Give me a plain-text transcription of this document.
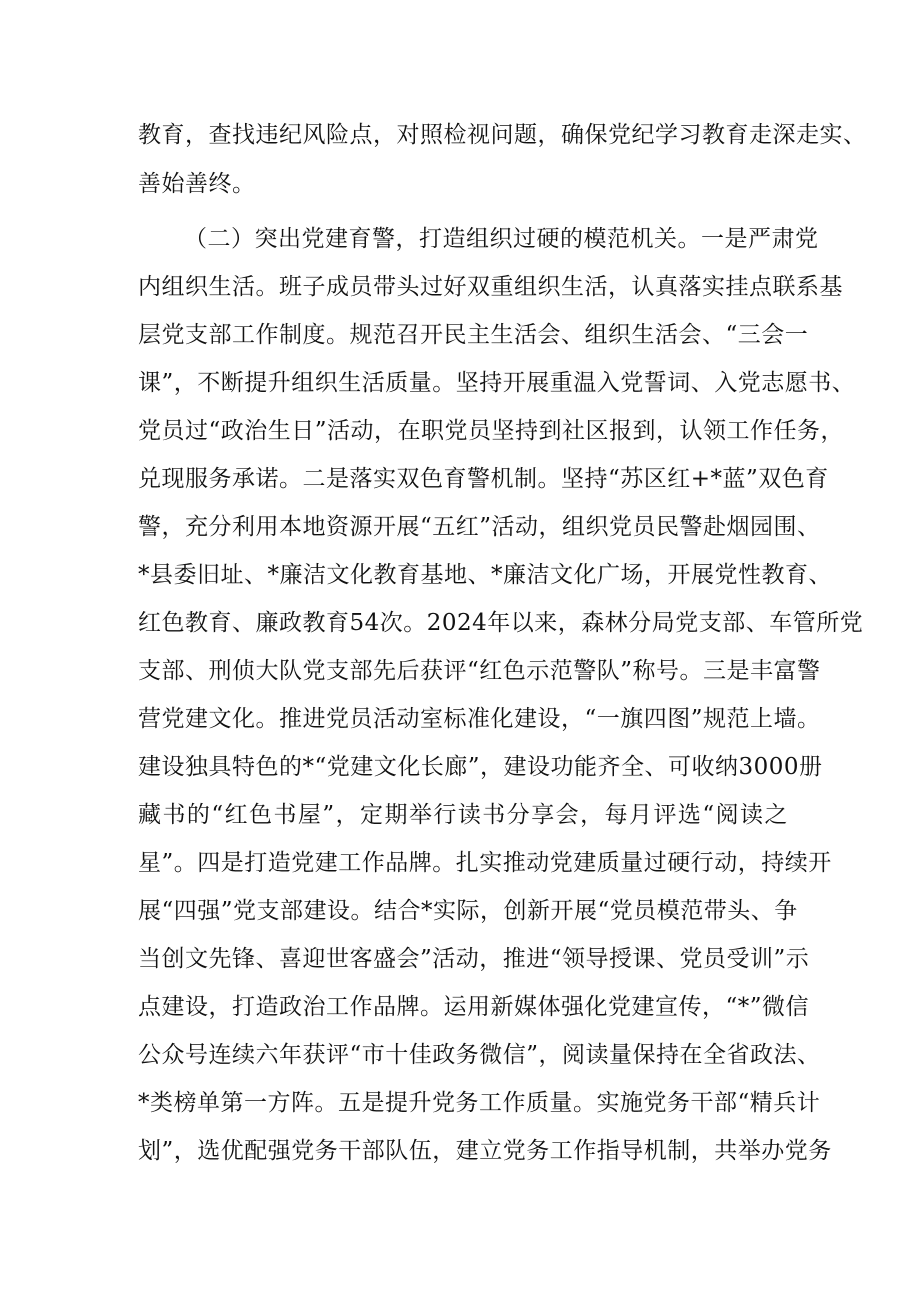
教育，查找违纪风险点，对照检视问题，确保党纪学习教育走深走实、
善始善终。
（二）突出党建育警，打造组织过硬的模范机关。一是严肃党
内组织生活。班子成员带头过好双重组织生活，认真落实挂点联系基
层党支部工作制度。规范召开民主生活会、组织生活会、“三会一
课”，不断提升组织生活质量。坚持开展重温入党誓词、入党志愿书、
党员过“政治生日”活动，在职党员坚持到社区报到，认领工作任务，
兑现服务承诺。二是落实双色育警机制。坚持“苏区红+*蓝”双色育
警，充分利用本地资源开展“五红”活动，组织党员民警赴烟园围、
*县委旧址、*廉洁文化教育基地、*廉洁文化广场，开展党性教育、
红色教育、廉政教育54次。2024年以来，森林分局党支部、车管所党
支部、刑侦大队党支部先后获评“红色示范警队”称号。三是丰富警
营党建文化。推进党员活动室标准化建设，“一旗四图”规范上墙。
建设独具特色的*“党建文化长廊”，建设功能齐全、可收纳3000册
藏书的“红色书屋”，定期举行读书分享会，每月评选“阅读之
星”。四是打造党建工作品牌。扎实推动党建质量过硬行动，持续开
展“四强”党支部建设。结合*实际，创新开展“党员模范带头、争
当创文先锋、喜迎世客盛会”活动，推进“领导授课、党员受训”示
点建设，打造政治工作品牌。运用新媒体强化党建宣传，“*”微信
公众号连续六年获评“市十佳政务微信”，阅读量保持在全省政法、
*类榜单第一方阵。五是提升党务工作质量。实施党务干部“精兵计
划”，选优配强党务干部队伍，建立党务工作指导机制，共举办党务
